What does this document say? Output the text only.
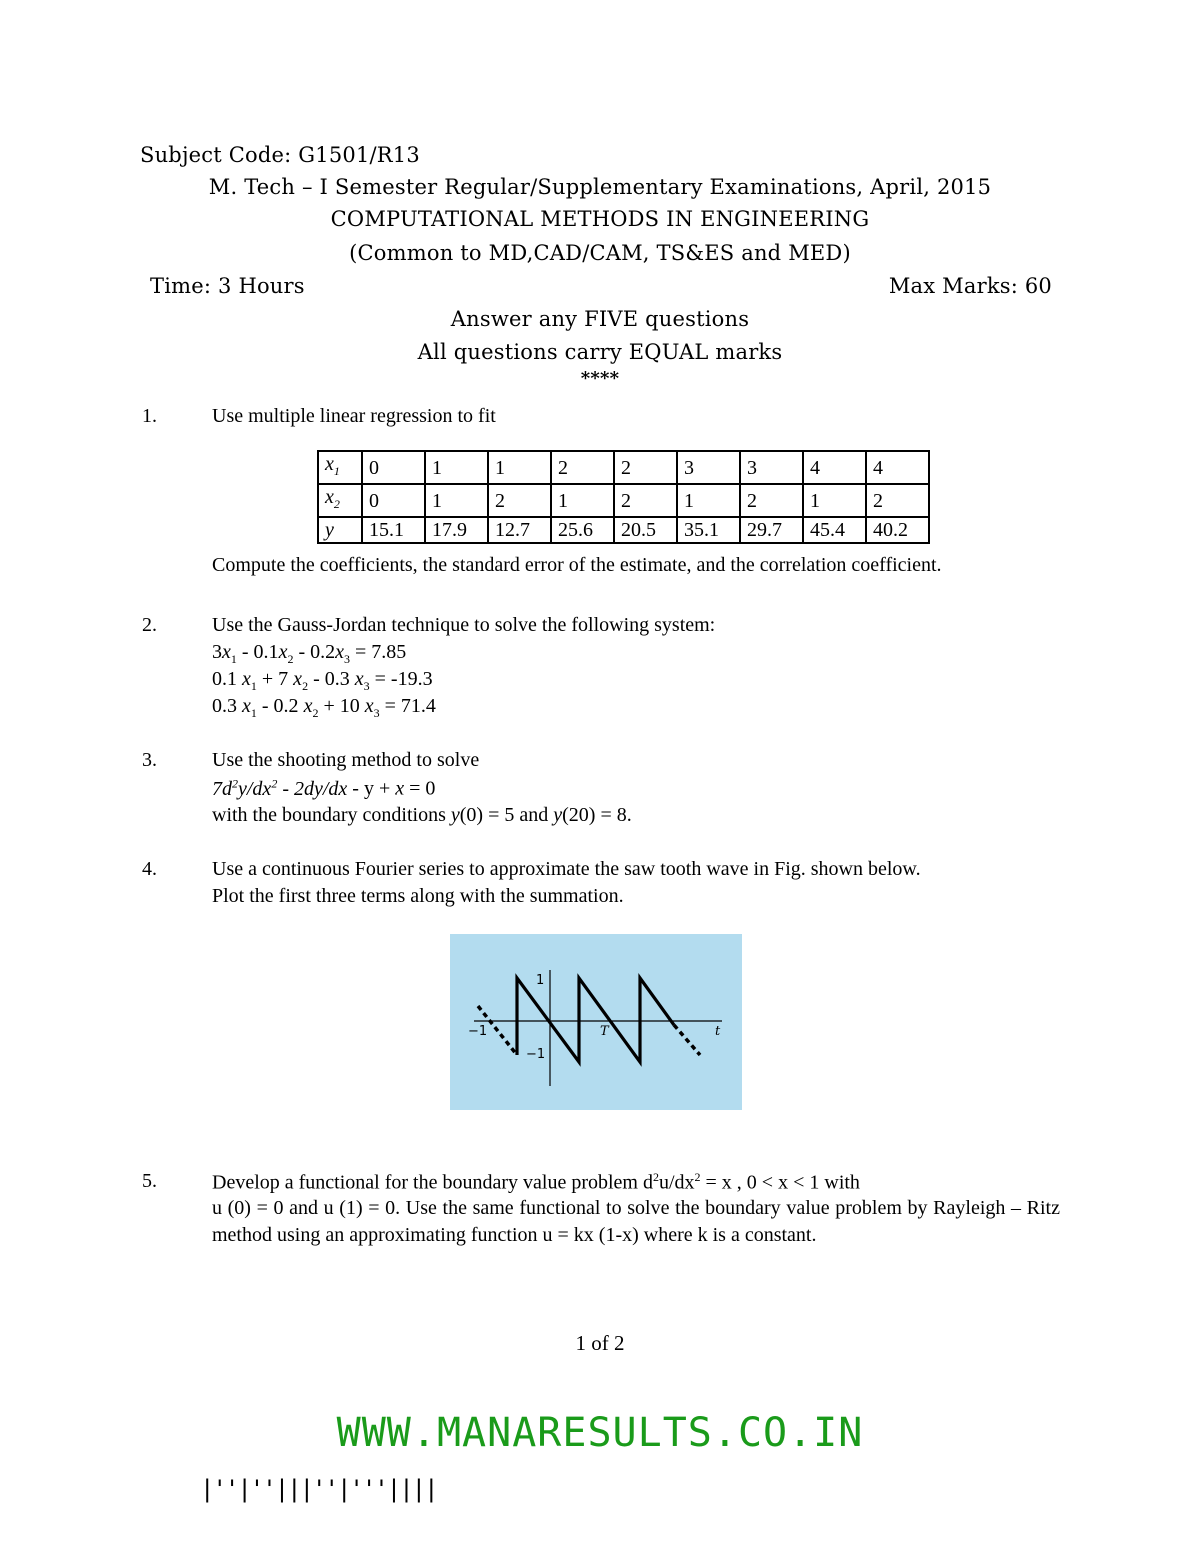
Subject Code: G1501/R13
M. Tech – I Semester Regular/Supplementary Examinations, April, 2015
COMPUTATIONAL METHODS IN ENGINEERING
(Common to MD,CAD/CAM, TS&ES and MED)
Time: 3 Hours	Max Marks: 60
Answer any FIVE questions
All questions carry EQUAL marks
****
1.	Use multiple linear regression to fit
$x_1$	0	1	1	2	2	3	3	4	4
$x_2$	0	1	2	1	2	1	2	1	2
y	15.1	17.9	12.7	25.6	20.5	35.1	29.7	45.4	40.2
Compute the coefficients, the standard error of the estimate, and the correlation coefficient.
2.	Use the Gauss-Jordan technique to solve the following system:
$3x_1 - 0.1x_2 - 0.2x_3 = 7.85$
0.1 $x_1 + 7$ $x_2 - 0.3$ $x_3 = -19.3$
0.3 $x_1 - 0.2$ $x_2 + 10$ $x_3 = 71.4$
3.	Use the shooting method to solve
$7d^2y/dx^2 - 2dy/dx - y + x = 0$
with the boundary conditions y(0) = 5 and y(20) = 8.
4.	Use a continuous Fourier series to approximate the saw tooth wave in Fig. shown below.
Plot the first three terms along with the summation.
1
−1
−1	T	t
5.	Develop a functional for the boundary value problem $d^2u/dx^2 = x$ , 0 < x < 1 with
u (0) = 0 and u (1) = 0. Use the same functional to solve the boundary value problem by Rayleigh – Ritz method using an approximating function u = kx (1-x) where k is a constant.
1 of 2
WWW.MANARESULTS.CO.IN
|''|''|||''|'''||||
